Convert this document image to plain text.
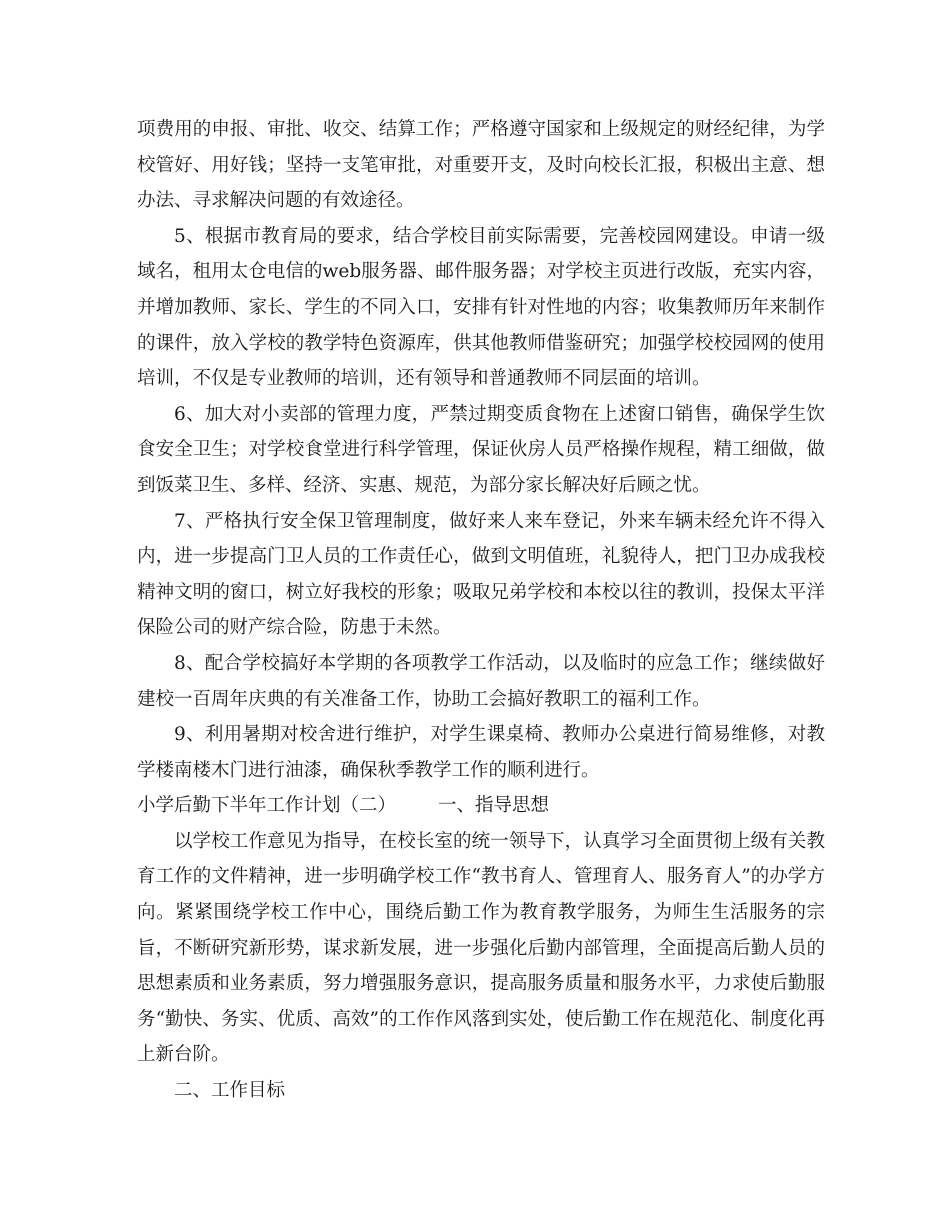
项费用的申报、审批、收交、结算工作；严格遵守国家和上级规定的财经纪律，为学校管好、用好钱；坚持一支笔审批，对重要开支，及时向校长汇报，积极出主意、想办法、寻求解决问题的有效途径。

5、根据市教育局的要求，结合学校目前实际需要，完善校园网建设。申请一级域名，租用太仓电信的web服务器、邮件服务器；对学校主页进行改版，充实内容，并增加教师、家长、学生的不同入口，安排有针对性地的内容；收集教师历年来制作的课件，放入学校的教学特色资源库，供其他教师借鉴研究；加强学校校园网的使用培训，不仅是专业教师的培训，还有领导和普通教师不同层面的培训。

6、加大对小卖部的管理力度，严禁过期变质食物在上述窗口销售，确保学生饮食安全卫生；对学校食堂进行科学管理，保证伙房人员严格操作规程，精工细做，做到饭菜卫生、多样、经济、实惠、规范，为部分家长解决好后顾之忧。

7、严格执行安全保卫管理制度，做好来人来车登记，外来车辆未经允许不得入内，进一步提高门卫人员的工作责任心，做到文明值班，礼貌待人，把门卫办成我校精神文明的窗口，树立好我校的形象；吸取兄弟学校和本校以往的教训，投保太平洋保险公司的财产综合险，防患于未然。

8、配合学校搞好本学期的各项教学工作活动，以及临时的应急工作；继续做好建校一百周年庆典的有关准备工作，协助工会搞好教职工的福利工作。

9、利用暑期对校舍进行维护，对学生课桌椅、教师办公桌进行简易维修，对教学楼南楼木门进行油漆，确保秋季教学工作的顺利进行。

小学后勤下半年工作计划（二） 一、指导思想

以学校工作意见为指导，在校长室的统一领导下，认真学习全面贯彻上级有关教育工作的文件精神，进一步明确学校工作“教书育人、管理育人、服务育人”的办学方向。紧紧围绕学校工作中心，围绕后勤工作为教育教学服务，为师生生活服务的宗旨，不断研究新形势，谋求新发展，进一步强化后勤内部管理，全面提高后勤人员的思想素质和业务素质，努力增强服务意识，提高服务质量和服务水平，力求使后勤服务“勤快、务实、优质、高效”的工作作风落到实处，使后勤工作在规范化、制度化再上新台阶。

二、工作目标
